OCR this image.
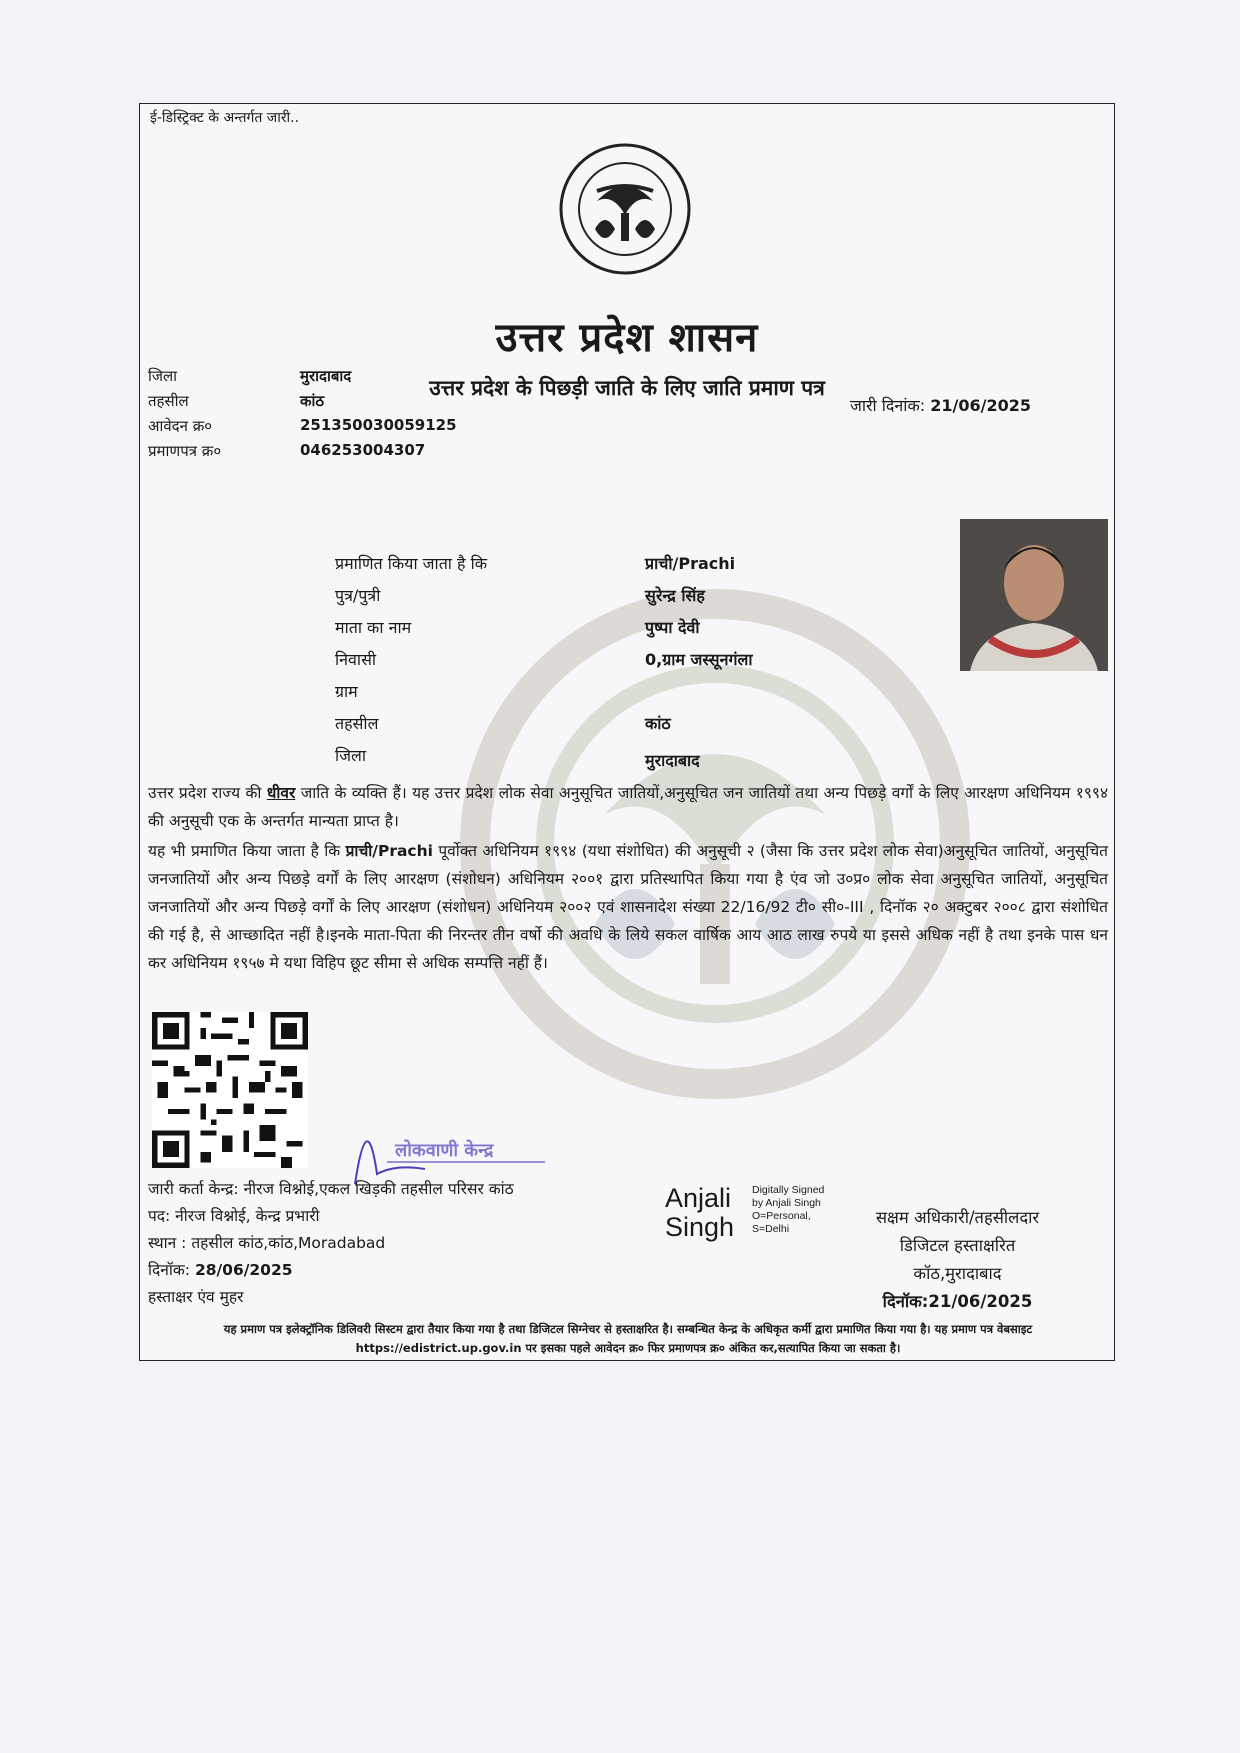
ई-डिस्ट्रिक्ट के अन्तर्गत जारी..
उत्तर प्रदेश शासन
उत्तर प्रदेश के पिछड़ी जाति के लिए जाति प्रमाण पत्र
जिला	मुरादाबाद
तहसील	कांठ
आवेदन क्र०	251350030059125
प्रमाणपत्र क्र०	046253004307
जारी दिनांक: 21/06/2025
प्रमाणित किया जाता है कि	प्राची/Prachi
पुत्र/पुत्री	सुरेन्द्र सिंह
माता का नाम	पुष्पा देवी
निवासी	0,ग्राम जस्सूनगंला
ग्राम
तहसील	कांठ
जिला	मुरादाबाद
उत्तर प्रदेश राज्य की धीवर जाति के व्यक्ति हैं। यह उत्तर प्रदेश लोक सेवा अनुसूचित जातियों,अनुसूचित जन जातियों तथा अन्य पिछड़े वर्गों के लिए आरक्षण अधिनियम १९९४ की अनुसूची एक के अन्तर्गत मान्यता प्राप्त है।
यह भी प्रमाणित किया जाता है कि प्राची/Prachi पूर्वोक्त अधिनियम १९९४ (यथा संशोधित) की अनुसूची २ (जैसा कि उत्तर प्रदेश लोक सेवा)अनुसूचित जातियों, अनुसूचित जनजातियों और अन्य पिछड़े वर्गों के लिए आरक्षण (संशोधन) अधिनियम २००१ द्वारा प्रतिस्थापित किया गया है एंव जो उ०प्र० लोक सेवा अनुसूचित जातियों, अनुसूचित जनजातियों और अन्य पिछड़े वर्गों के लिए आरक्षण (संशोधन) अधिनियम २००२ एवं शासनादेश संख्या 22/16/92 टी० सी०-III , दिनॉक २० अक्टुबर २००८ द्वारा संशोधित की गई है, से आच्छादित नहीं है।इनके माता-पिता की निरन्तर तीन वर्षो की अवधि के लिये सकल वार्षिक आय आठ लाख रुपये या इससे अधिक नहीं है तथा इनके पास धन कर अधिनियम १९५७ मे यथा विहिप छूट सीमा से अधिक सम्पत्ति नहीं हैं।
लोकवाणी केन्द्र
जारी कर्ता केन्द्र: नीरज विश्नोई,एकल खिड़की तहसील परिसर कांठ
पद: नीरज विश्नोई, केन्द्र प्रभारी
स्थान : तहसील कांठ,कांठ,Moradabad
दिनॉक: 28/06/2025
हस्ताक्षर एंव मुहर
Anjali
Singh
Digitally Signed
by Anjali Singh
O=Personal,
S=Delhi
सक्षम अधिकारी/तहसीलदार
डिजिटल हस्ताक्षरित
कॉठ,मुरादाबाद
दिनॉक:21/06/2025
यह प्रमाण पत्र इलेक्ट्रॉनिक डिलिवरी सिस्टम द्वारा तैयार किया गया है तथा डिजिटल सिग्नेचर से हस्ताक्षरित है। सम्बन्धित केन्द्र के अधिकृत कर्मी द्वारा प्रमाणित किया गया है। यह प्रमाण पत्र वेबसाइट https://edistrict.up.gov.in पर इसका पहले आवेदन क्र० फिर प्रमाणपत्र क्र० अंकित कर,सत्यापित किया जा सकता है।
